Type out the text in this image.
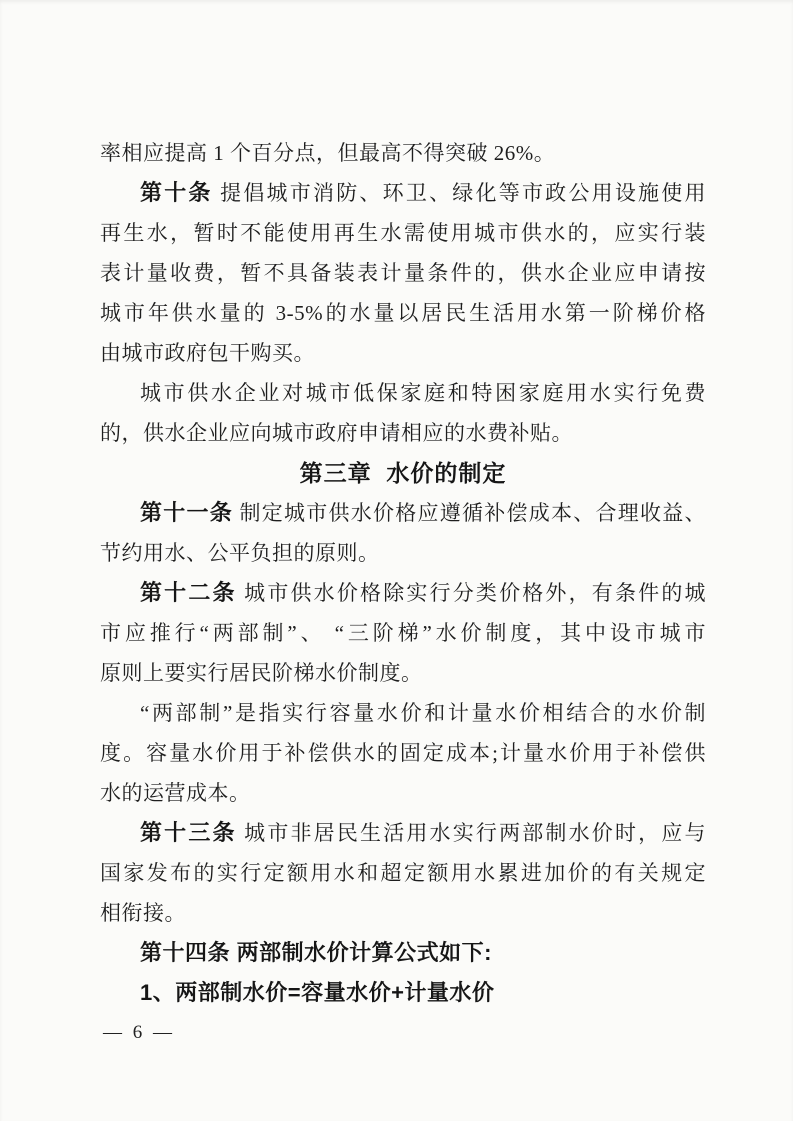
率相应提高 1 个百分点，但最高不得突破 26%。
第十条 提倡城市消防、环卫、绿化等市政公用设施使用
再生水，暂时不能使用再生水需使用城市供水的，应实行装
表计量收费，暂不具备装表计量条件的，供水企业应申请按
城市年供水量的 3-5%的水量以居民生活用水第一阶梯价格
由城市政府包干购买。
城市供水企业对城市低保家庭和特困家庭用水实行免费
的，供水企业应向城市政府申请相应的水费补贴。
第三章  水价的制定
第十一条 制定城市供水价格应遵循补偿成本、合理收益、
节约用水、公平负担的原则。
第十二条 城市供水价格除实行分类价格外，有条件的城
市应推行“两部制”、 “三阶梯”水价制度，其中设市城市
原则上要实行居民阶梯水价制度。
“两部制”是指实行容量水价和计量水价相结合的水价制
度。容量水价用于补偿供水的固定成本;计量水价用于补偿供
水的运营成本。
第十三条 城市非居民生活用水实行两部制水价时，应与
国家发布的实行定额用水和超定额用水累进加价的有关规定
相衔接。
第十四条 两部制水价计算公式如下:
1、两部制水价=容量水价+计量水价
— 6 —
